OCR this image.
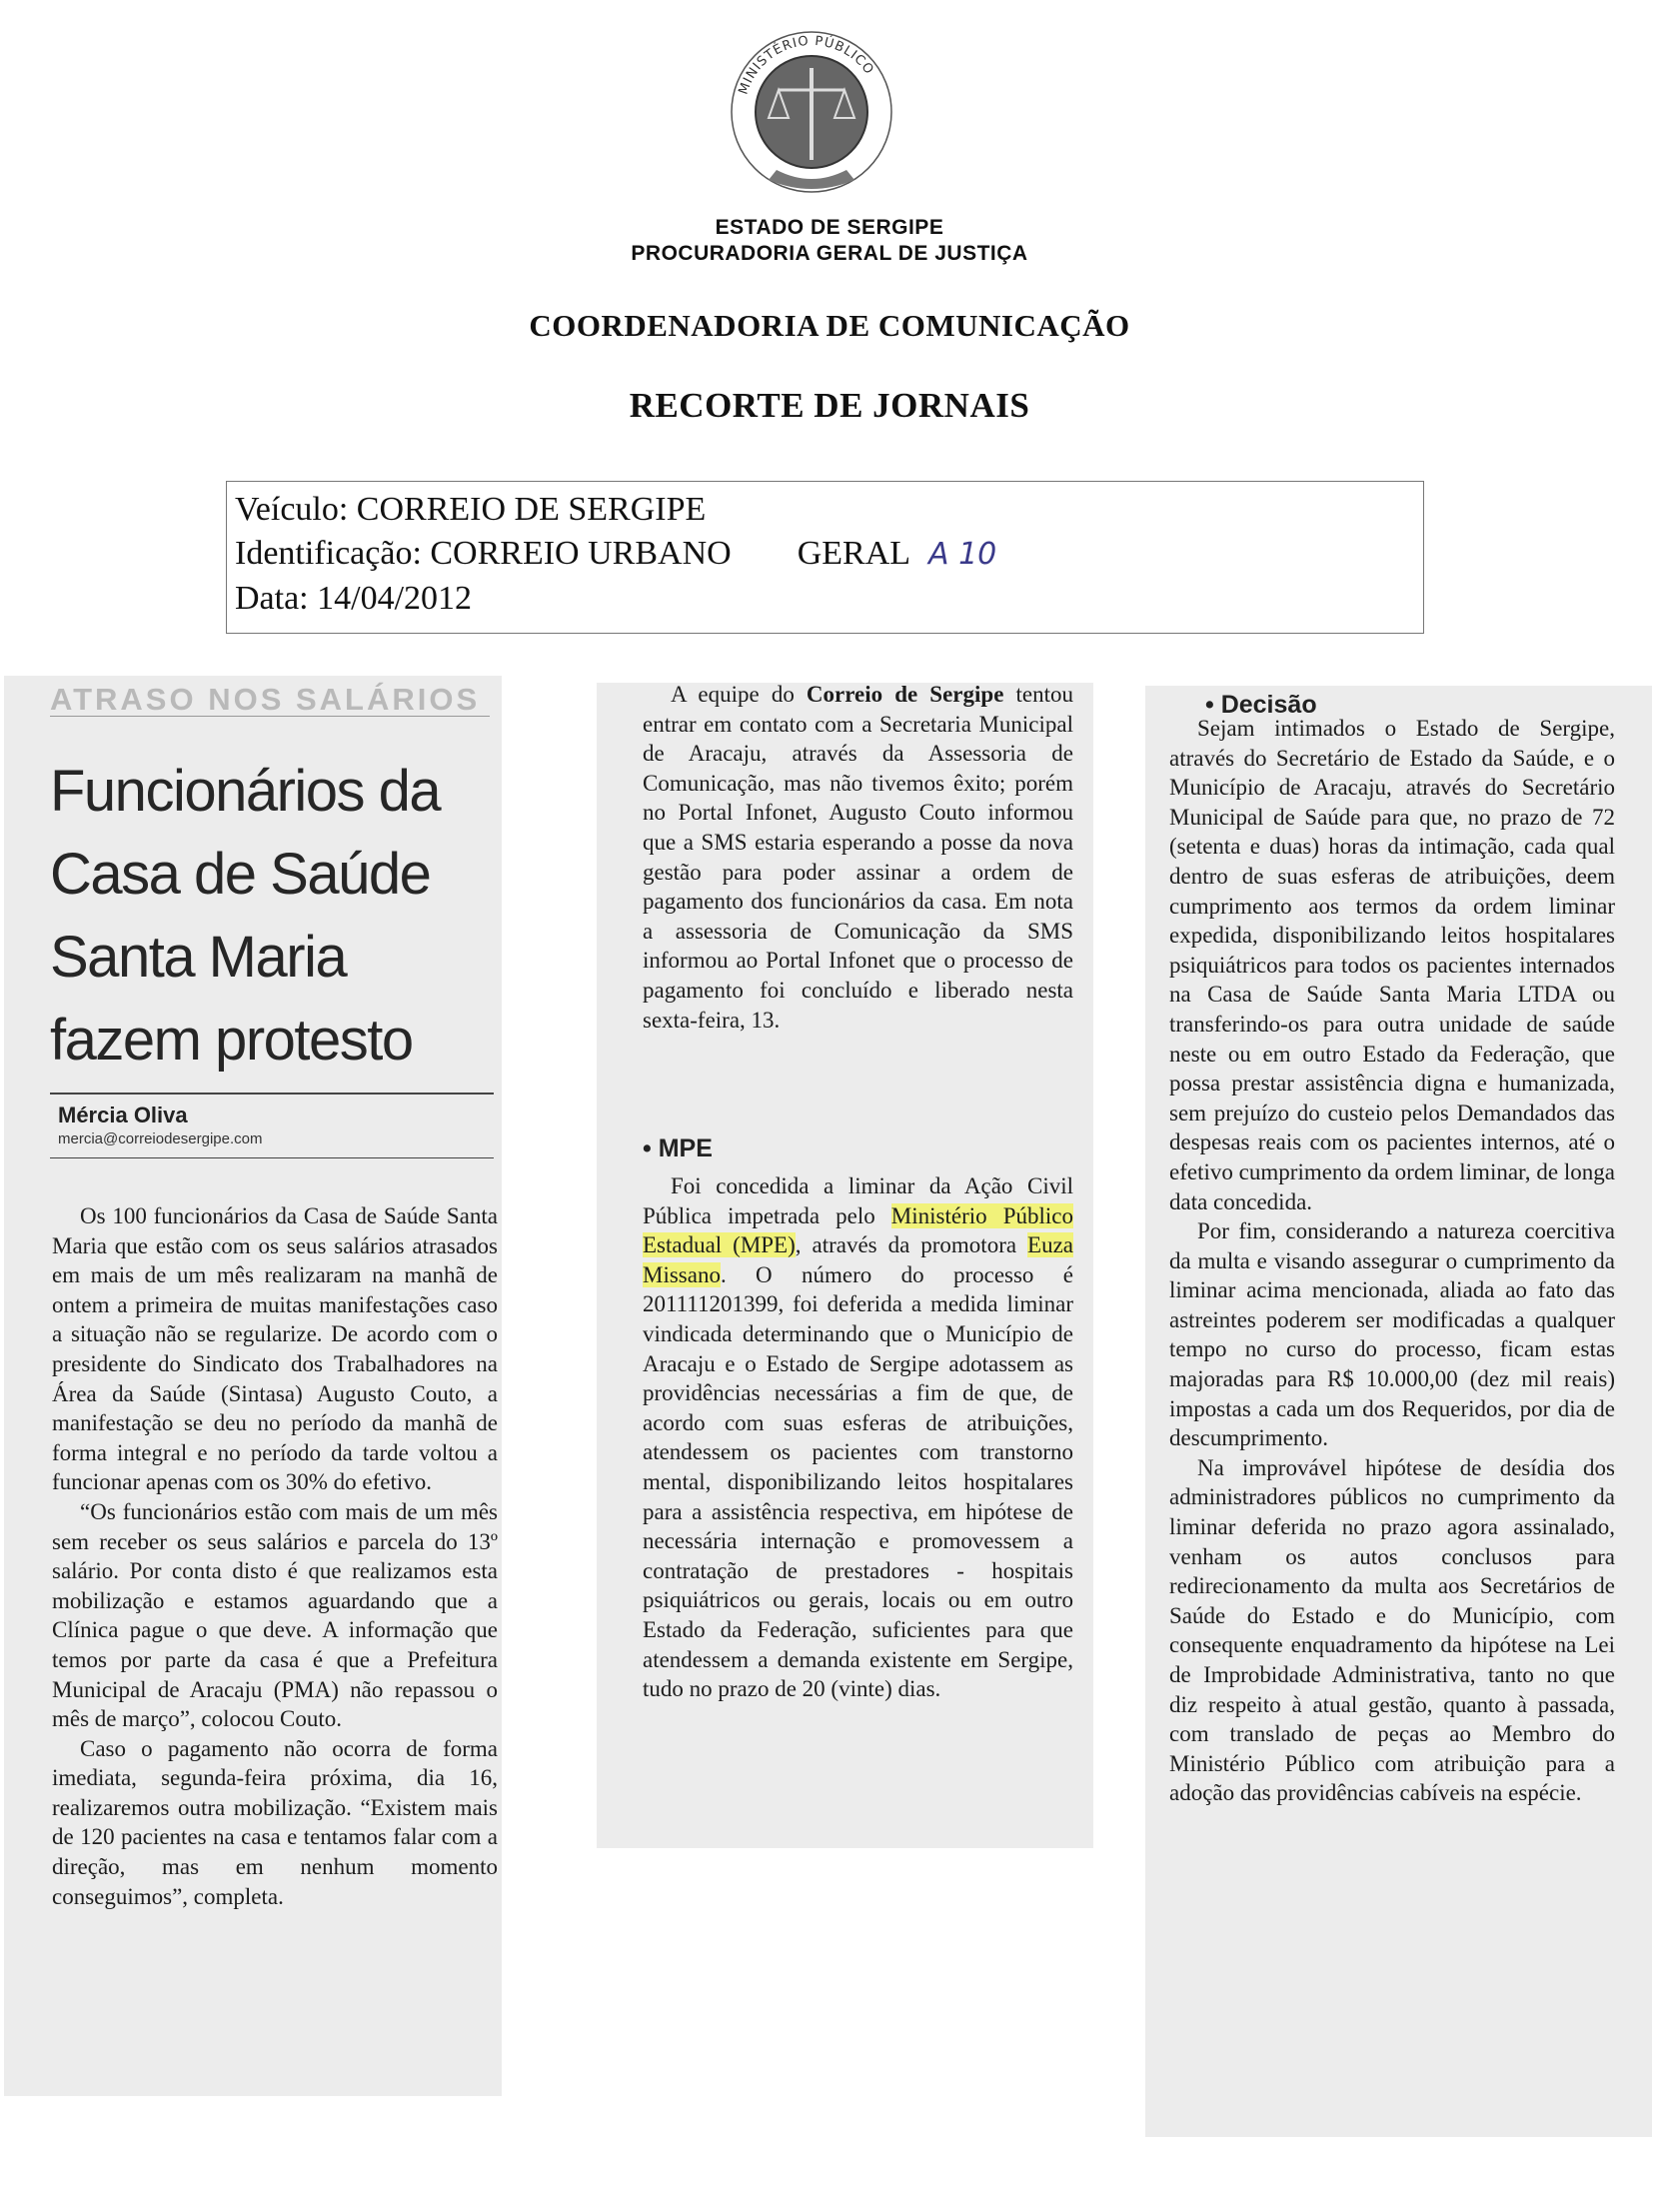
MINISTÉRIO PÚBLICO
ESTADO DE SERGIPE
PROCURADORIA GERAL DE JUSTIÇA
COORDENADORIA DE COMUNICAÇÃO
RECORTE DE JORNAIS
Veículo: CORREIO DE SERGIPE
Identificação: CORREIO URBANO GERAL A 10
Data: 14/04/2012
ATRASO NOS SALÁRIOS
Funcionários da Casa de Saúde Santa Maria fazem protesto
Mércia Oliva
mercia@correiodesergipe.com

Os 100 funcionários da Casa de Saúde Santa Maria que estão com os seus salários atrasados em mais de um mês realizaram na manhã de ontem a primeira de muitas manifestações caso a situação não se regularize. De acordo com o presidente do Sindicato dos Trabalhadores na Área da Saúde (Sintasa) Augusto Couto, a manifestação se deu no período da manhã de forma integral e no período da tarde voltou a funcionar apenas com os 30% do efetivo.

“Os funcionários estão com mais de um mês sem receber os seus salários e parcela do 13º salário. Por conta disto é que realizamos esta mobilização e estamos aguardando que a Clínica pague o que deve. A informação que temos por parte da casa é que a Prefeitura Municipal de Aracaju (PMA) não repassou o mês de março”, colocou Couto.

Caso o pagamento não ocorra de forma imediata, segunda-feira próxima, dia 16, realizaremos outra mobilização. “Existem mais de 120 pacientes na casa e tentamos falar com a direção, mas em nenhum momento conseguimos”, completa.

A equipe do Correio de Sergipe tentou entrar em contato com a Secretaria Municipal de Aracaju, através da Assessoria de Comunicação, mas não tivemos êxito; porém no Portal Infonet, Augusto Couto informou que a SMS estaria esperando a posse da nova gestão para poder assinar a ordem de pagamento dos funcionários da casa. Em nota a assessoria de Comunicação da SMS informou ao Portal Infonet que o processo de pagamento foi concluído e liberado nesta sexta-feira, 13.

• MPE

Foi concedida a liminar da Ação Civil Pública impetrada pelo Ministério Público Estadual (MPE), através da promotora Euza Missano. O número do processo é 201111201399, foi deferida a medida liminar vindicada determinando que o Município de Aracaju e o Estado de Sergipe adotassem as providências necessárias a fim de que, de acordo com suas esferas de atribuições, atendessem os pacientes com transtorno mental, disponibilizando leitos hospitalares para a assistência respectiva, em hipótese de necessária internação e promovessem a contratação de prestadores - hospitais psiquiátricos ou gerais, locais ou em outro Estado da Federação, suficientes para que atendessem a demanda existente em Sergipe, tudo no prazo de 20 (vinte) dias.

• Decisão

Sejam intimados o Estado de Sergipe, através do Secretário de Estado da Saúde, e o Município de Aracaju, através do Secretário Municipal de Saúde para que, no prazo de 72 (setenta e duas) horas da intimação, cada qual dentro de suas esferas de atribuições, deem cumprimento aos termos da ordem liminar expedida, disponibilizando leitos hospitalares psiquiátricos para todos os pacientes internados na Casa de Saúde Santa Maria LTDA ou transferindo-os para outra unidade de saúde neste ou em outro Estado da Federação, que possa prestar assistência digna e humanizada, sem prejuízo do custeio pelos Demandados das despesas reais com os pacientes internos, até o efetivo cumprimento da ordem liminar, de longa data concedida.

Por fim, considerando a natureza coercitiva da multa e visando assegurar o cumprimento da liminar acima mencionada, aliada ao fato das astreintes poderem ser modificadas a qualquer tempo no curso do processo, ficam estas majoradas para R$ 10.000,00 (dez mil reais) impostas a cada um dos Requeridos, por dia de descumprimento.

Na improvável hipótese de desídia dos administradores públicos no cumprimento da liminar deferida no prazo agora assinalado, venham os autos conclusos para redirecionamento da multa aos Secretários de Saúde do Estado e do Município, com consequente enquadramento da hipótese na Lei de Improbidade Administrativa, tanto no que diz respeito à atual gestão, quanto à passada, com translado de peças ao Membro do Ministério Público com atribuição para a adoção das providências cabíveis na espécie.
